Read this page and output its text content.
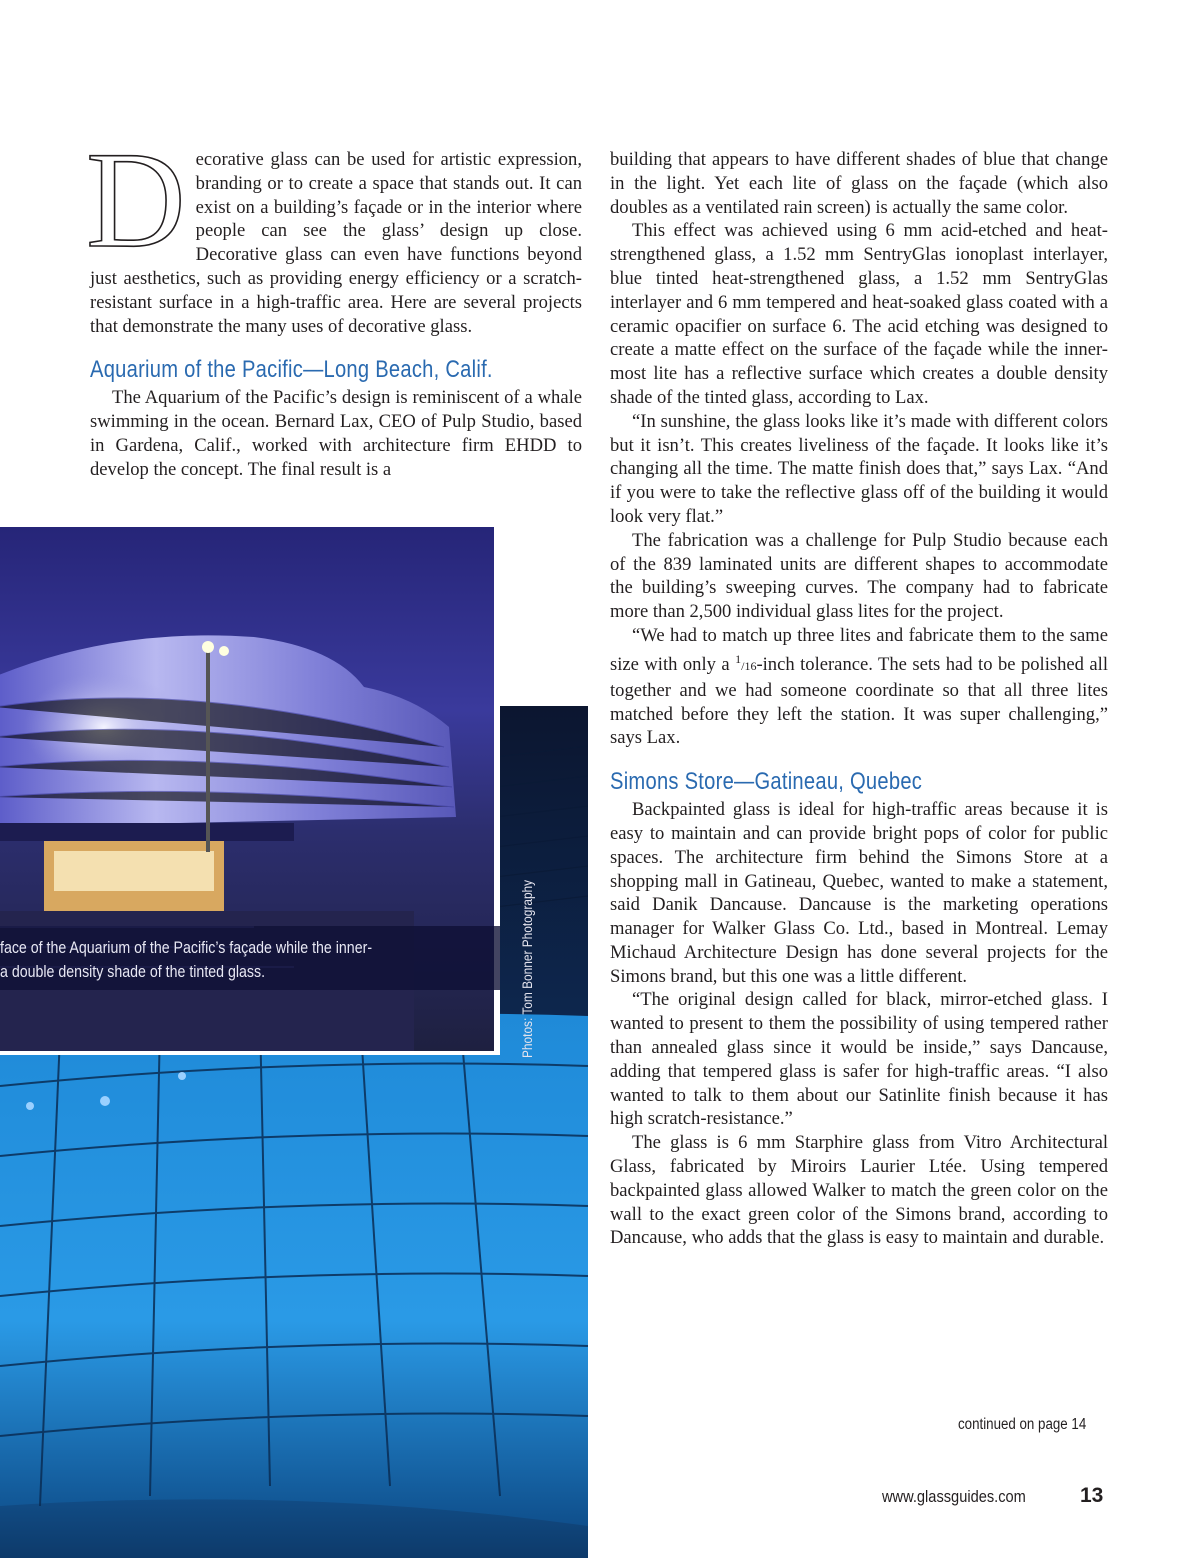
Decorative glass can be used for artistic expression, branding or to create a space that stands out. It can exist on a building’s façade or in the interior where people can see the glass’ design up close. Decorative glass can even have functions beyond just aesthetics, such as providing energy efficiency or a scratch-resistant surface in a high-traffic area. Here are several projects that demonstrate the many uses of decorative glass.

Aquarium of the Pacific—Long Beach, Calif.

The Aquarium of the Pacific’s design is reminiscent of a whale swimming in the ocean. Bernard Lax, CEO of Pulp Studio, based in Gardena, Calif., worked with architecture firm EHDD to develop the concept. The final result is a

face of the Aquarium of the Pacific’s façade while the inner-
a double density shade of the tinted glass.	Photos: Tom Bonner Photography

building that appears to have different shades of blue that change in the light. Yet each lite of glass on the façade (which also doubles as a ventilated rain screen) is actually the same color.

This effect was achieved using 6 mm acid-etched and heat-strengthened glass, a 1.52 mm SentryGlas ionoplast interlayer, blue tinted heat-strengthened glass, a 1.52 mm SentryGlas interlayer and 6 mm tempered and heat-soaked glass coated with a ceramic opacifier on surface 6. The acid etching was designed to create a matte effect on the surface of the façade while the inner-most lite has a reflective surface which creates a double density shade of the tinted glass, according to Lax.

“In sunshine, the glass looks like it’s made with different colors but it isn’t. This creates liveliness of the façade. It looks like it’s changing all the time. The matte finish does that,” says Lax. “And if you were to take the reflective glass off of the building it would look very flat.”

The fabrication was a challenge for Pulp Studio because each of the 839 laminated units are different shapes to accommodate the building’s sweeping curves. The company had to fabricate more than 2,500 individual glass lites for the project.

“We had to match up three lites and fabricate them to the same size with only a $^1$/16-inch tolerance. The sets had to be polished all together and we had someone coordinate so that all three lites matched before they left the station. It was super challenging,” says Lax.

Simons Store—Gatineau, Quebec

Backpainted glass is ideal for high-traffic areas because it is easy to maintain and can provide bright pops of color for public spaces. The architecture firm behind the Simons Store at a shopping mall in Gatineau, Quebec, wanted to make a statement, said Danik Dancause. Dancause is the marketing operations manager for Walker Glass Co. Ltd., based in Montreal. Lemay Michaud Architecture Design has done several projects for the Simons brand, but this one was a little different.

“The original design called for black, mirror-etched glass. I wanted to present to them the possibility of using tempered rather than annealed glass since it would be inside,” says Dancause, adding that tempered glass is safer for high-traffic areas. “I also wanted to talk to them about our Satinlite finish because it has high scratch-resistance.”

The glass is 6 mm Starphire glass from Vitro Architectural Glass, fabricated by Miroirs Laurier Ltée. Using tempered backpainted glass allowed Walker to match the green color on the wall to the exact green color of the Simons brand, according to Dancause, who adds that the glass is easy to maintain and durable.

continued on page 14
www.glassguides.com	13
